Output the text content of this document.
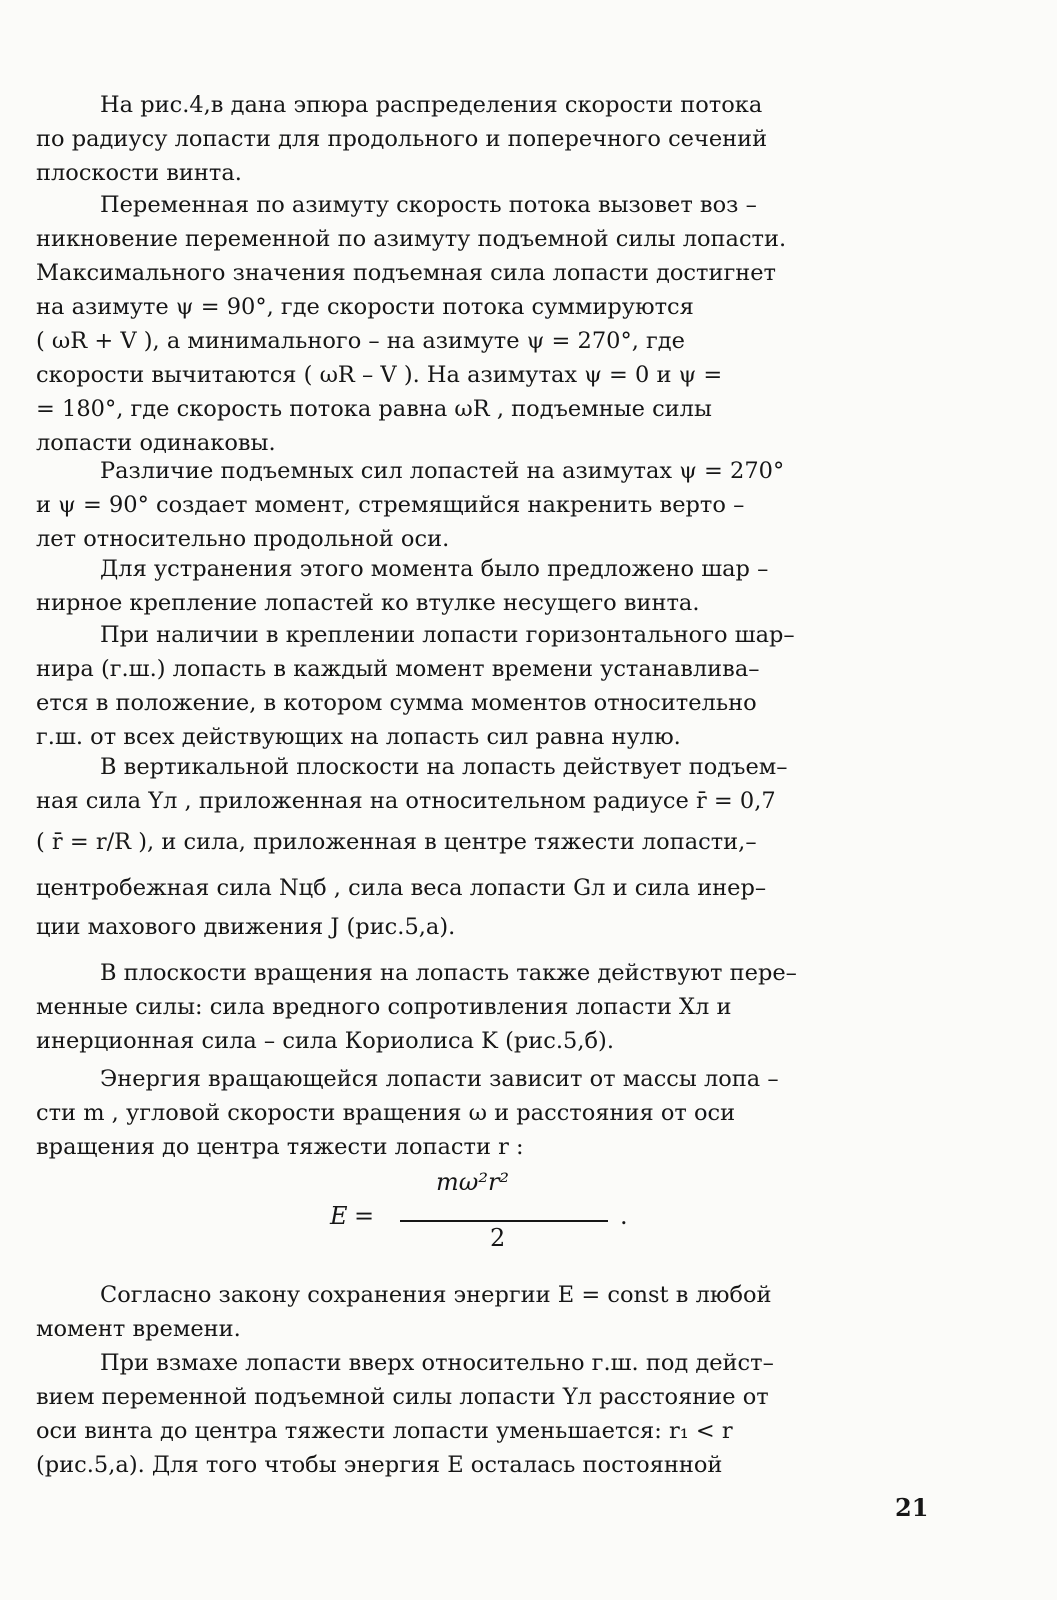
На рис.4,в дана эпюра распределения скорости потока
по радиусу лопасти для продольного и поперечного сечений
плоскости винта.
Переменная по азимуту скорость потока вызовет воз –
никновение переменной по азимуту подъемной силы лопасти.
Максимального значения подъемная сила лопасти достигнет
на азимуте ψ = 90°, где скорости потока суммируются
( ωR + V ), а минимального – на азимуте ψ = 270°, где
скорости вычитаются ( ωR – V ). На азимутах ψ = 0 и ψ =
= 180°, где скорость потока равна ωR , подъемные силы
лопасти одинаковы.
Различие подъемных сил лопастей на азимутах ψ = 270°
и ψ = 90° создает момент, стремящийся накренить верто –
лет относительно продольной оси.
Для устранения этого момента было предложено шар –
нирное крепление лопастей ко втулке несущего винта.
При наличии в креплении лопасти горизонтального шар–
нира (г.ш.) лопасть в каждый момент времени устанавлива–
ется в положение, в котором сумма моментов относительно
г.ш. от всех действующих на лопасть сил равна нулю.
В вертикальной плоскости на лопасть действует подъем–
ная сила Yл , приложенная на относительном радиусе r̄ = 0,7
( r̄ = r/R ), и сила, приложенная в центре тяжести лопасти,–
центробежная сила Nцб , сила веса лопасти Gл и сила инер–
ции махового движения J (рис.5,а).
В плоскости вращения на лопасть также действуют пере–
менные силы: сила вредного сопротивления лопасти Xл и
инерционная сила – сила Кориолиса K (рис.5,б).
Энергия вращающейся лопасти зависит от массы лопа –
сти m , угловой скорости вращения ω и расстояния от оси
вращения до центра тяжести лопасти r :
E =
mω²r²
2
.
Согласно закону сохранения энергии E = const в любой
момент времени.
При взмахе лопасти вверх относительно г.ш. под дейст–
вием переменной подъемной силы лопасти Yл расстояние от
оси винта до центра тяжести лопасти уменьшается: r₁ < r
(рис.5,а). Для того чтобы энергия Е осталась постоянной
21
